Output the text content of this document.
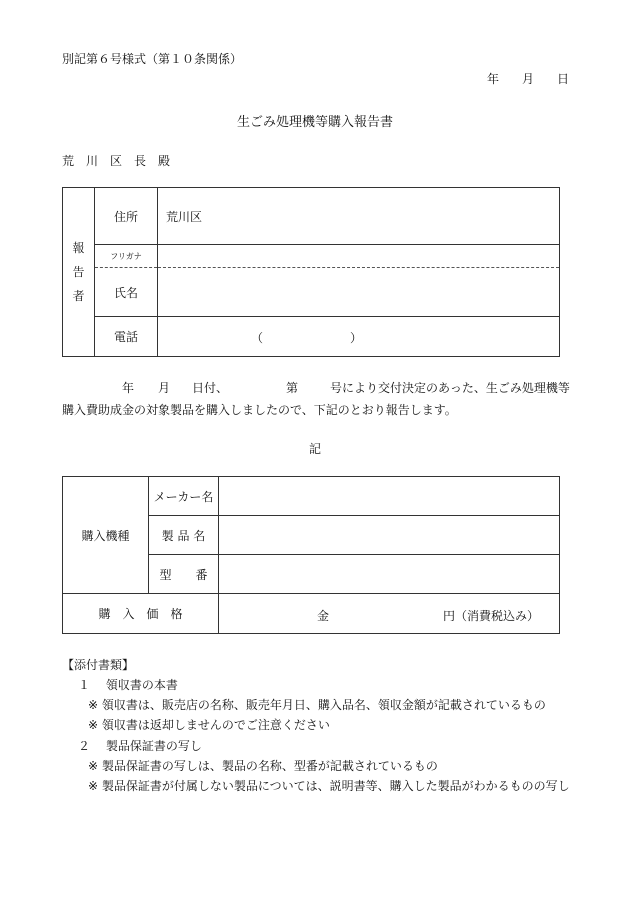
別記第６号様式（第１０条関係）
年 月 日
生ごみ処理機等購入報告書
荒　川　区　長　殿
報
告
者	住所	荒川区
	フリガナ	
	氏名	
	電話	（ ）
年 月 日付、	第	号により交付決定のあった、生ごみ処理機等
購入費助成金の対象製品を購入しましたので、下記のとおり報告します。
記
購入機種	メーカー名	
	製 品 名	
	型　　番	
購　入　価　格		金 円（消費税込み）
【添付書類】
１　 領収書の本書
※ 領収書は、販売店の名称、販売年月日、購入品名、領収金額が記載されているもの
※ 領収書は返却しませんのでご注意ください
２　 製品保証書の写し
※ 製品保証書の写しは、製品の名称、型番が記載されているもの
※ 製品保証書が付属しない製品については、説明書等、購入した製品がわかるものの写し
